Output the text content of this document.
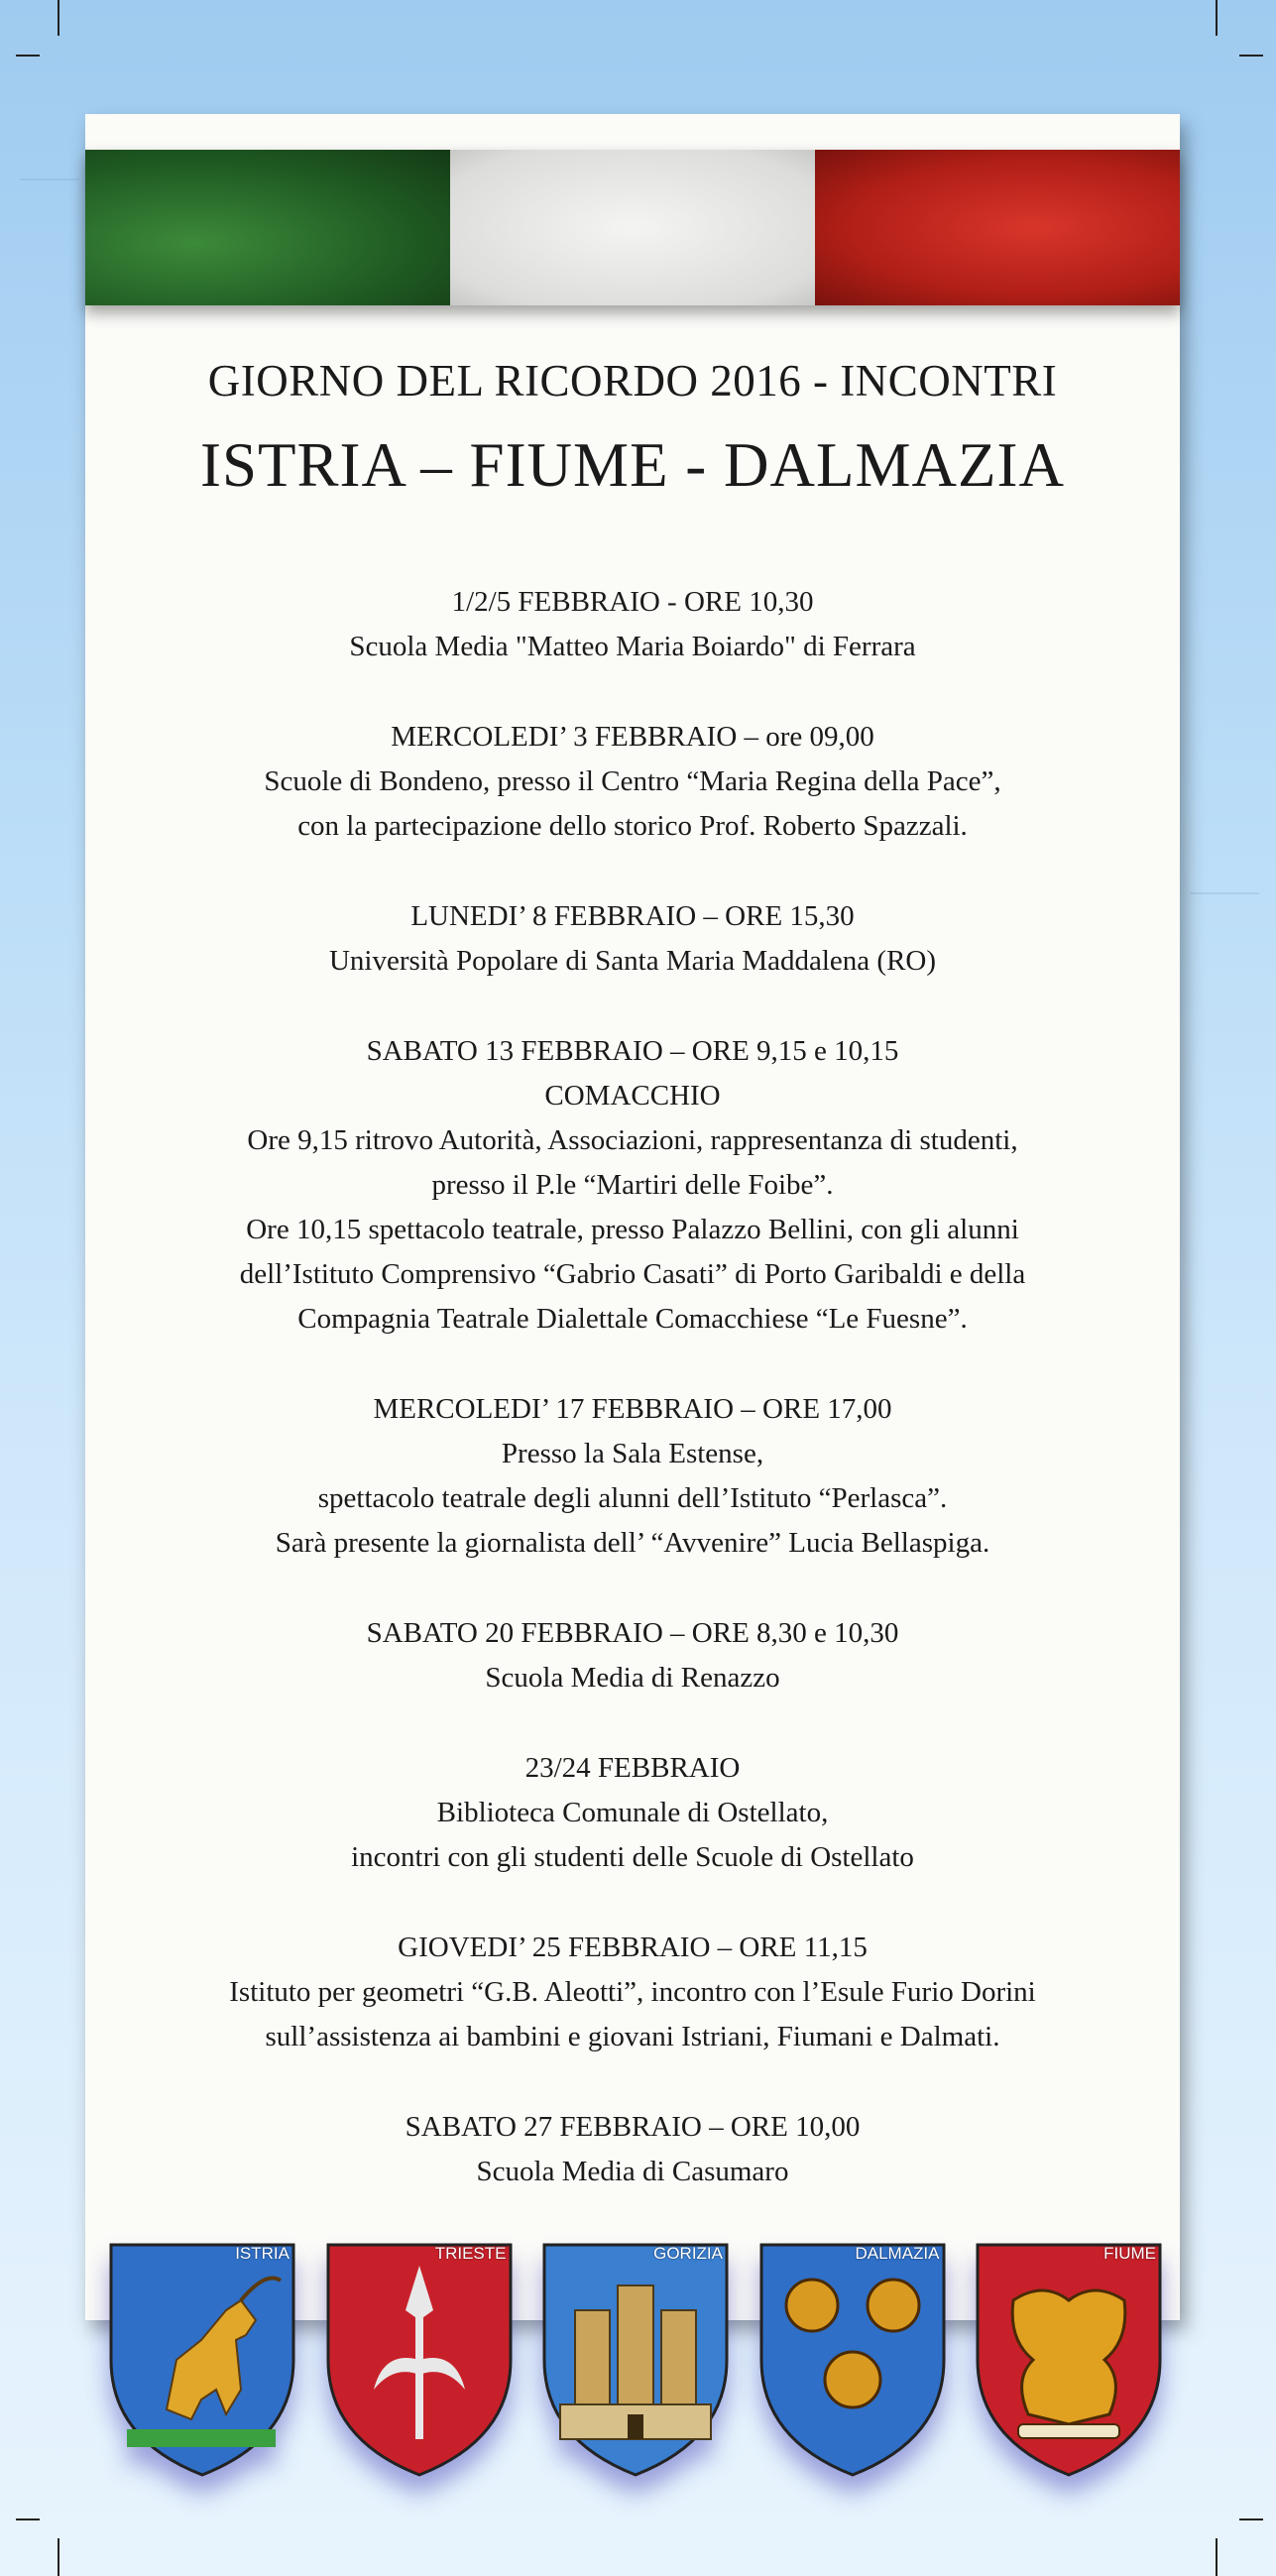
GIORNO DEL RICORDO 2016 - INCONTRI
ISTRIA – FIUME - DALMAZIA
1/2/5 FEBBRAIO - ORE 10,30
Scuola Media "Matteo Maria Boiardo" di Ferrara
MERCOLEDI’ 3 FEBBRAIO – ore 09,00
Scuole di Bondeno, presso il Centro “Maria Regina della Pace”,
con la partecipazione dello storico Prof. Roberto Spazzali.
LUNEDI’ 8 FEBBRAIO – ORE 15,30
Università Popolare di Santa Maria Maddalena (RO)
SABATO 13 FEBBRAIO – ORE 9,15 e 10,15
COMACCHIO
Ore 9,15 ritrovo Autorità, Associazioni, rappresentanza di studenti,
presso il P.le “Martiri delle Foibe”.
Ore 10,15 spettacolo teatrale, presso Palazzo Bellini, con gli alunni
dell’Istituto Comprensivo “Gabrio Casati” di Porto Garibaldi e della
Compagnia Teatrale Dialettale Comacchiese “Le Fuesne”.
MERCOLEDI’ 17 FEBBRAIO – ORE 17,00
Presso la Sala Estense,
spettacolo teatrale degli alunni dell’Istituto “Perlasca”.
Sarà presente la giornalista dell’ “Avvenire” Lucia Bellaspiga.
SABATO 20 FEBBRAIO – ORE 8,30 e 10,30
Scuola Media di Renazzo
23/24 FEBBRAIO
Biblioteca Comunale di Ostellato,
incontri con gli studenti delle Scuole di Ostellato
GIOVEDI’ 25 FEBBRAIO – ORE 11,15
Istituto per geometri “G.B. Aleotti”, incontro con l’Esule Furio Dorini
sull’assistenza ai bambini e giovani Istriani, Fiumani e Dalmati.
SABATO 27 FEBBRAIO – ORE 10,00
Scuola Media di Casumaro
ISTRIA	TRIESTE	GORIZIA	DALMAZIA	FIUME
